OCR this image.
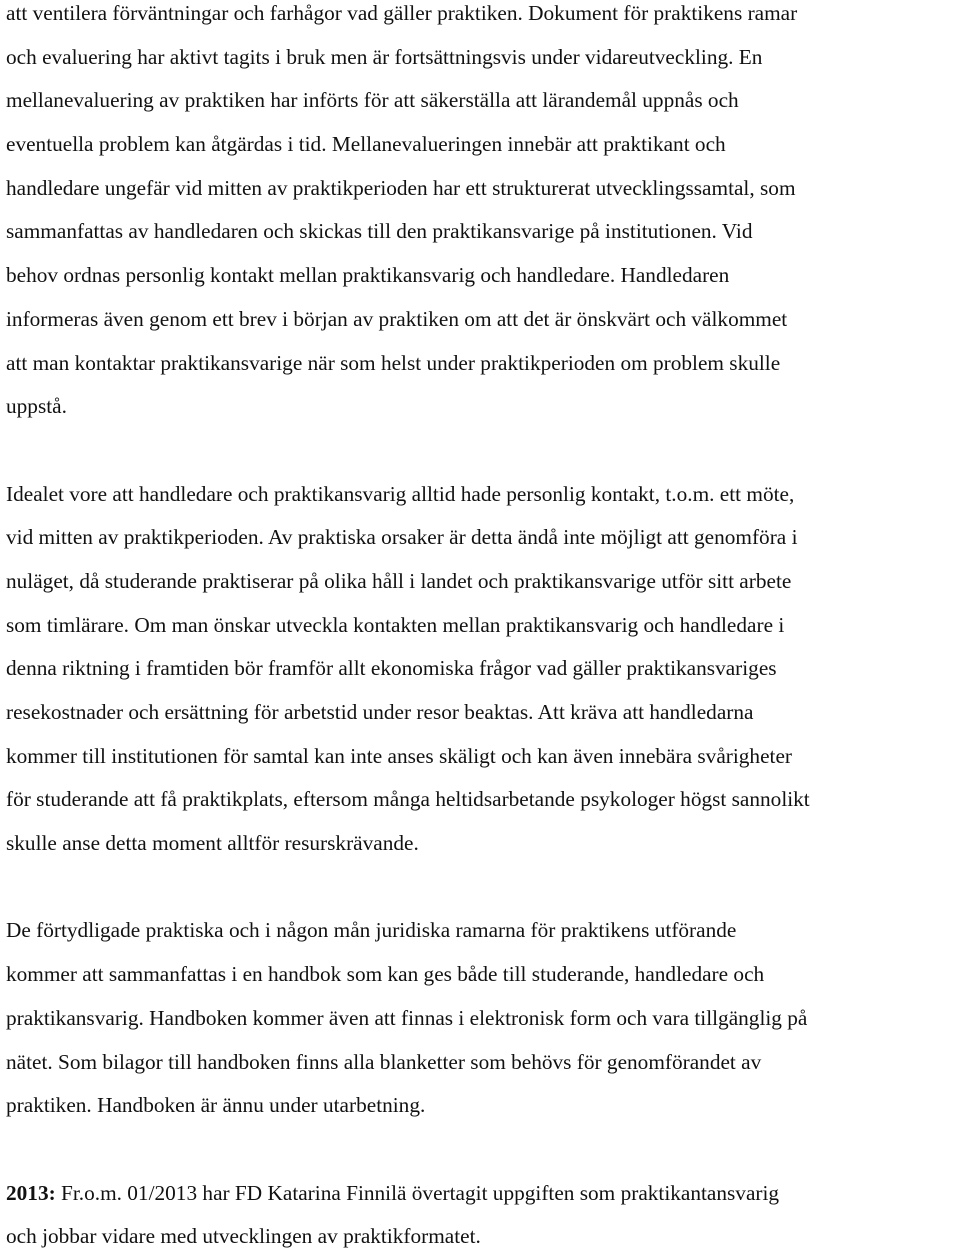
att ventilera förväntningar och farhågor vad gäller praktiken. Dokument för praktikens ramar
och evaluering har aktivt tagits i bruk men är fortsättningsvis under vidareutveckling. En
mellanevaluering av praktiken har införts för att säkerställa att lärandemål uppnås och
eventuella problem kan åtgärdas i tid. Mellanevalueringen innebär att praktikant och
handledare ungefär vid mitten av praktikperioden har ett strukturerat utvecklingssamtal, som
sammanfattas av handledaren och skickas till den praktikansvarige på institutionen. Vid
behov ordnas personlig kontakt mellan praktikansvarig och handledare. Handledaren
informeras även genom ett brev i början av praktiken om att det är önskvärt och välkommet
att man kontaktar praktikansvarige när som helst under praktikperioden om problem skulle
uppstå.
Idealet vore att handledare och praktikansvarig alltid hade personlig kontakt, t.o.m. ett möte,
vid mitten av praktikperioden. Av praktiska orsaker är detta ändå inte möjligt att genomföra i
nuläget, då studerande praktiserar på olika håll i landet och praktikansvarige utför sitt arbete
som timlärare. Om man önskar utveckla kontakten mellan praktikansvarig och handledare i
denna riktning i framtiden bör framför allt ekonomiska frågor vad gäller praktikansvariges
resekostnader och ersättning för arbetstid under resor beaktas. Att kräva att handledarna
kommer till institutionen för samtal kan inte anses skäligt och kan även innebära svårigheter
för studerande att få praktikplats, eftersom många heltidsarbetande psykologer högst sannolikt
skulle anse detta moment alltför resurskrävande.
De förtydligade praktiska och i någon mån juridiska ramarna för praktikens utförande
kommer att sammanfattas i en handbok som kan ges både till studerande, handledare och
praktikansvarig. Handboken kommer även att finnas i elektronisk form och vara tillgänglig på
nätet. Som bilagor till handboken finns alla blanketter som behövs för genomförandet av
praktiken. Handboken är ännu under utarbetning.
2013: Fr.o.m. 01/2013 har FD Katarina Finnilä övertagit uppgiften som praktikantansvarig
och jobbar vidare med utvecklingen av praktikformatet.
